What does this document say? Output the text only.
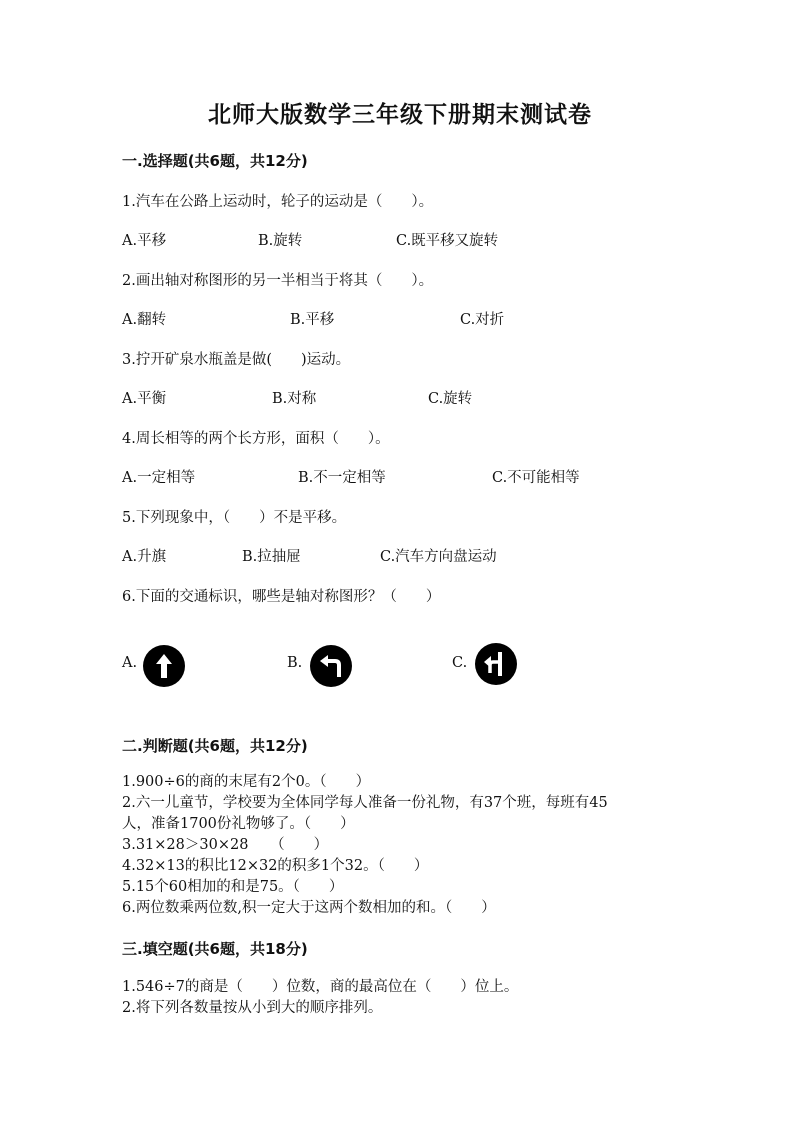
北师大版数学三年级下册期末测试卷
一.选择题(共6题，共12分)
1.汽车在公路上运动时，轮子的运动是（　　）。
A.平移	B.旋转	C.既平移又旋转
2.画出轴对称图形的另一半相当于将其（　　）。
A.翻转	B.平移	C.对折
3.拧开矿泉水瓶盖是做(　　)运动。
A.平衡	B.对称	C.旋转
4.周长相等的两个长方形，面积（　　）。
A.一定相等	B.不一定相等	C.不可能相等
5.下列现象中，（　　）不是平移。
A.升旗	B.拉抽屉	C.汽车方向盘运动
6.下面的交通标识，哪些是轴对称图形？（　　）
A.	B.	C.
二.判断题(共6题，共12分)
1.900÷6的商的末尾有2个0。（　　）
2.六一儿童节，学校要为全体同学每人准备一份礼物，有37个班，每班有45
人，准备1700份礼物够了。（　　）
3.31×28＞30×28　　（　　）
4.32×13的积比12×32的积多1个32。（　　）
5.15个60相加的和是75。（　　）
6.两位数乘两位数,积一定大于这两个数相加的和。（　　）
三.填空题(共6题，共18分)
1.546÷7的商是（　　）位数，商的最高位在（　　）位上。
2.将下列各数量按从小到大的顺序排列。
